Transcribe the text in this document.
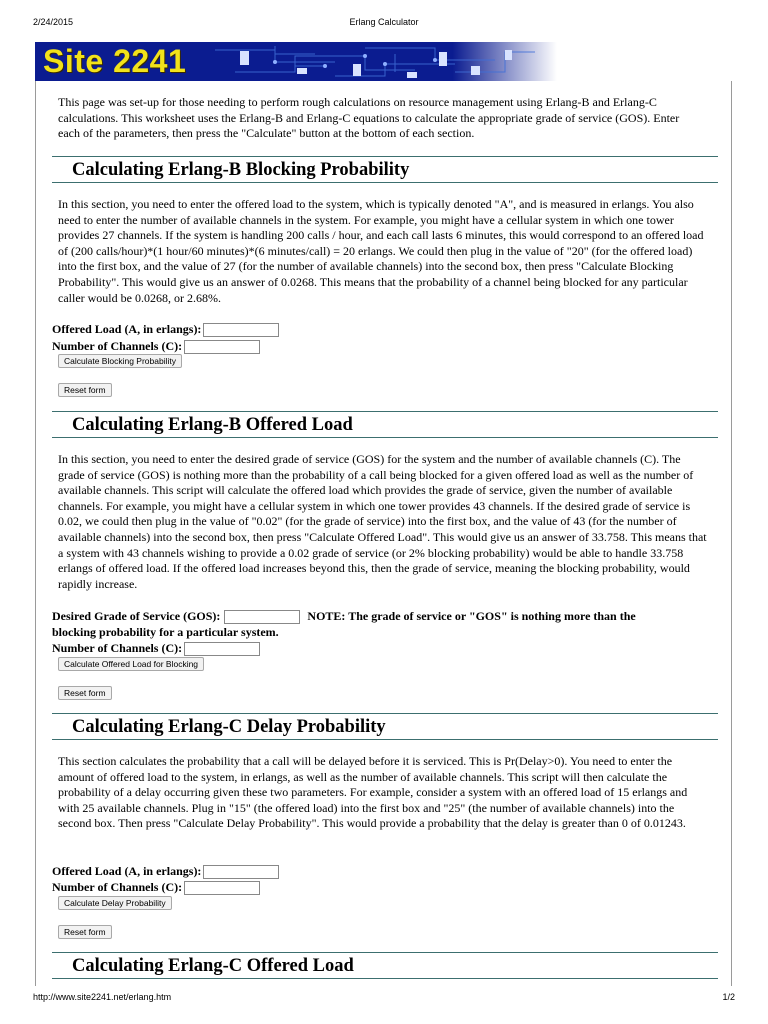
2/24/2015	Erlang Calculator
Site 2241

This page was set-up for those needing to perform rough calculations on resource management using Erlang-B and Erlang-C calculations. This worksheet uses the Erlang-B and Erlang-C equations to calculate the appropriate grade of service (GOS). Enter each of the parameters, then press the "Calculate" button at the bottom of each section.

Calculating Erlang-B Blocking Probability

In this section, you need to enter the offered load to the system, which is typically denoted "A", and is measured in erlangs. You also need to enter the number of available channels in the system. For example, you might have a cellular system in which one tower provides 27 channels. If the system is handling 200 calls / hour, and each call lasts 6 minutes, this would correspond to an offered load of (200 calls/hour)*(1 hour/60 minutes)*(6 minutes/call) = 20 erlangs. We could then plug in the value of "20" (for the offered load) into the first box, and the value of 27 (for the number of available channels) into the second box, then press "Calculate Blocking Probability". This would give us an answer of 0.0268. This means that the probability of a channel being blocked for any particular caller would be 0.0268, or 2.68%.

Offered Load (A, in erlangs):
Number of Channels (C):
Calculate Blocking Probability
Reset form
Calculating Erlang-B Offered Load

In this section, you need to enter the desired grade of service (GOS) for the system and the number of available channels (C). The grade of service (GOS) is nothing more than the probability of a call being blocked for a given offered load as well as the number of available channels. This script will calculate the offered load which provides the grade of service, given the number of available channels. For example, you might have a cellular system in which one tower provides 43 channels. If the desired grade of service is 0.02, we could then plug in the value of "0.02" (for the grade of service) into the first box, and the value of 43 (for the number of available channels) into the second box, then press "Calculate Offered Load". This would give us an answer of 33.758. This means that a system with 43 channels wishing to provide a 0.02 grade of service (or 2% blocking probability) would be able to handle 33.758 erlangs of offered load. If the offered load increases beyond this, then the grade of service, meaning the blocking probability, would rapidly increase.

Desired Grade of Service (GOS):	NOTE: The grade of service or "GOS" is nothing more than the
blocking probability for a particular system.
Number of Channels (C):
Calculate Offered Load for Blocking
Reset form
Calculating Erlang-C Delay Probability

This section calculates the probability that a call will be delayed before it is serviced. This is Pr(Delay>0). You need to enter the amount of offered load to the system, in erlangs, as well as the number of available channels. This script will then calculate the probability of a delay occurring given these two parameters. For example, consider a system with an offered load of 15 erlangs and with 25 available channels. Plug in "15" (the offered load) into the first box and "25" (the number of available channels) into the second box. Then press "Calculate Delay Probability". This would provide a probability that the delay is greater than 0 of 0.01243.

Offered Load (A, in erlangs):
Number of Channels (C):
Calculate Delay Probability
Reset form
Calculating Erlang-C Offered Load
http://www.site2241.net/erlang.htm	1/2
